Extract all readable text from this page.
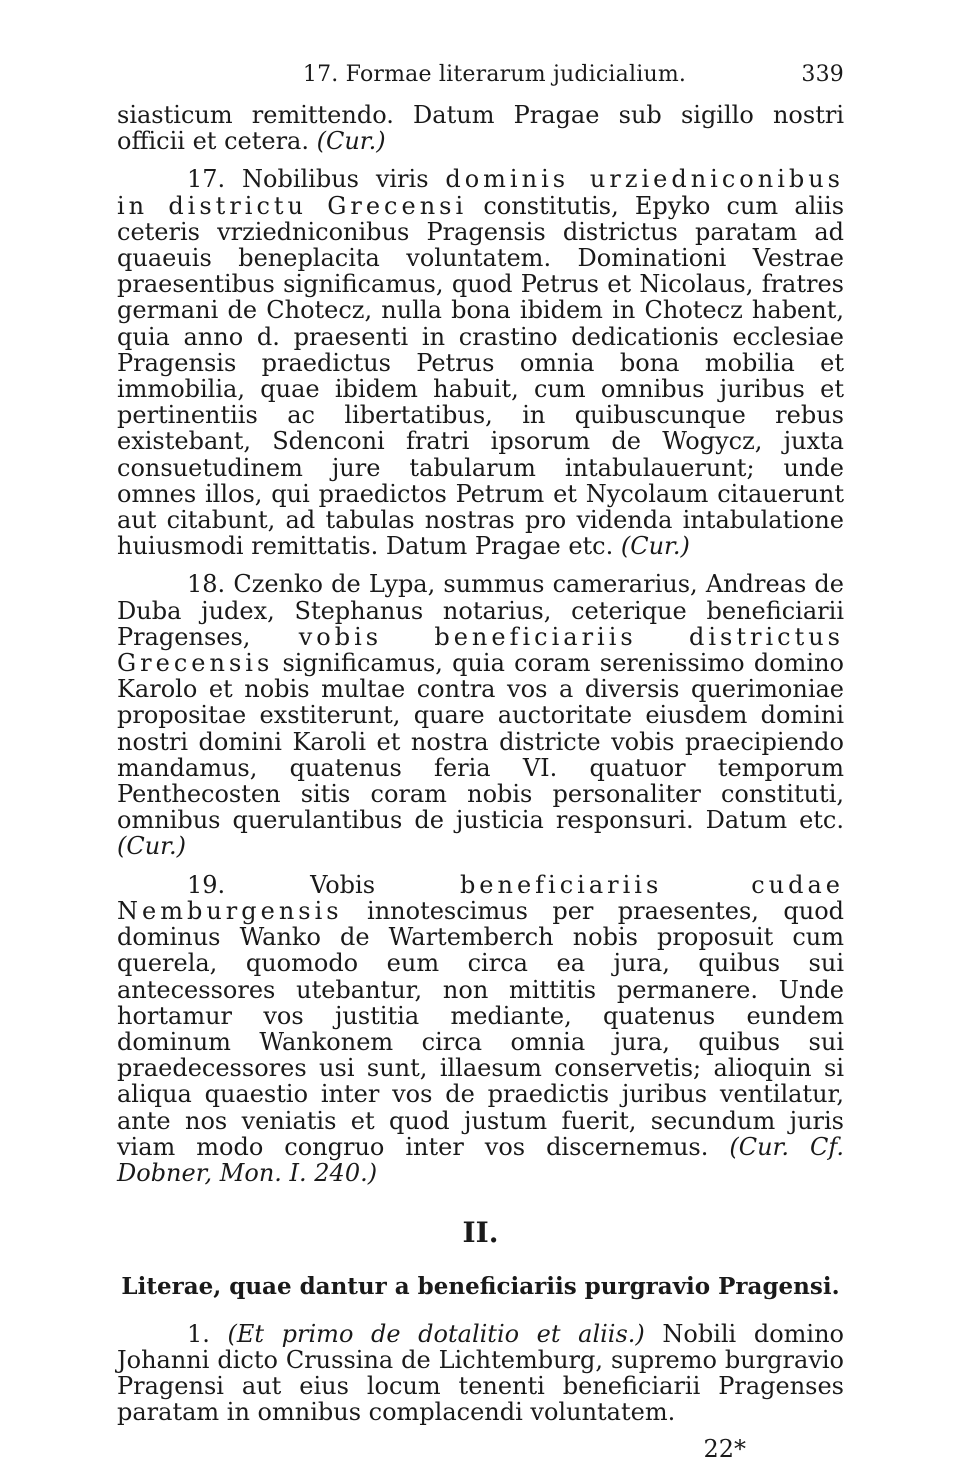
17. Formae literarum judicialium.	339

siasticum remittendo. Datum Pragae sub sigillo nostri officii et cetera. (Cur.)

17. Nobilibus viris dominis urziedniconibus in districtu Grecensi constitutis, Epyko cum aliis ceteris vrziedniconibus Pragensis districtus paratam ad quaeuis beneplacita voluntatem. Dominationi Vestrae praesentibus significamus, quod Petrus et Nicolaus, fratres germani de Chotecz, nulla bona ibidem in Chotecz habent, quia anno d. praesenti in crastino dedicationis ecclesiae Pragensis praedictus Petrus omnia bona mobilia et immobilia, quae ibidem habuit, cum omnibus juribus et pertinentiis ac libertatibus, in quibuscunque rebus existebant, Sdenconi fratri ipsorum de Wogycz, juxta consuetudinem jure tabularum intabulauerunt; unde omnes illos, qui praedictos Petrum et Nycolaum citauerunt aut citabunt, ad tabulas nostras pro videnda intabulatione huiusmodi remittatis. Datum Pragae etc. (Cur.)

18. Czenko de Lypa, summus camerarius, Andreas de Duba judex, Stephanus notarius, ceterique beneficiarii Pragenses, vobis beneficiariis districtus Grecensis significamus, quia coram serenissimo domino Karolo et nobis multae contra vos a diversis querimoniae propositae exstiterunt, quare auctoritate eiusdem domini nostri domini Karoli et nostra districte vobis praecipiendo mandamus, quatenus feria VI. quatuor temporum Penthecosten sitis coram nobis personaliter constituti, omnibus querulantibus de justicia responsuri. Datum etc. (Cur.)

19. Vobis beneficiariis cudae Nemburgensis innotescimus per praesentes, quod dominus Wanko de Wartemberch nobis proposuit cum querela, quomodo eum circa ea jura, quibus sui antecessores utebantur, non mittitis permanere. Unde hortamur vos justitia mediante, quatenus eundem dominum Wankonem circa omnia jura, quibus sui praedecessores usi sunt, illaesum conservetis; alioquin si aliqua quaestio inter vos de praedictis juribus ventilatur, ante nos veniatis et quod justum fuerit, secundum juris viam modo congruo inter vos discernemus. (Cur. Cf. Dobner, Mon. I. 240.)

II.
Literae, quae dantur a beneficiariis purgravio Pragensi.

1. (Et primo de dotalitio et aliis.) Nobili domino Johanni dicto Crussina de Lichtemburg, supremo burgravio Pragensi aut eius locum tenenti beneficiarii Pragenses paratam in omnibus complacendi voluntatem.

22*
